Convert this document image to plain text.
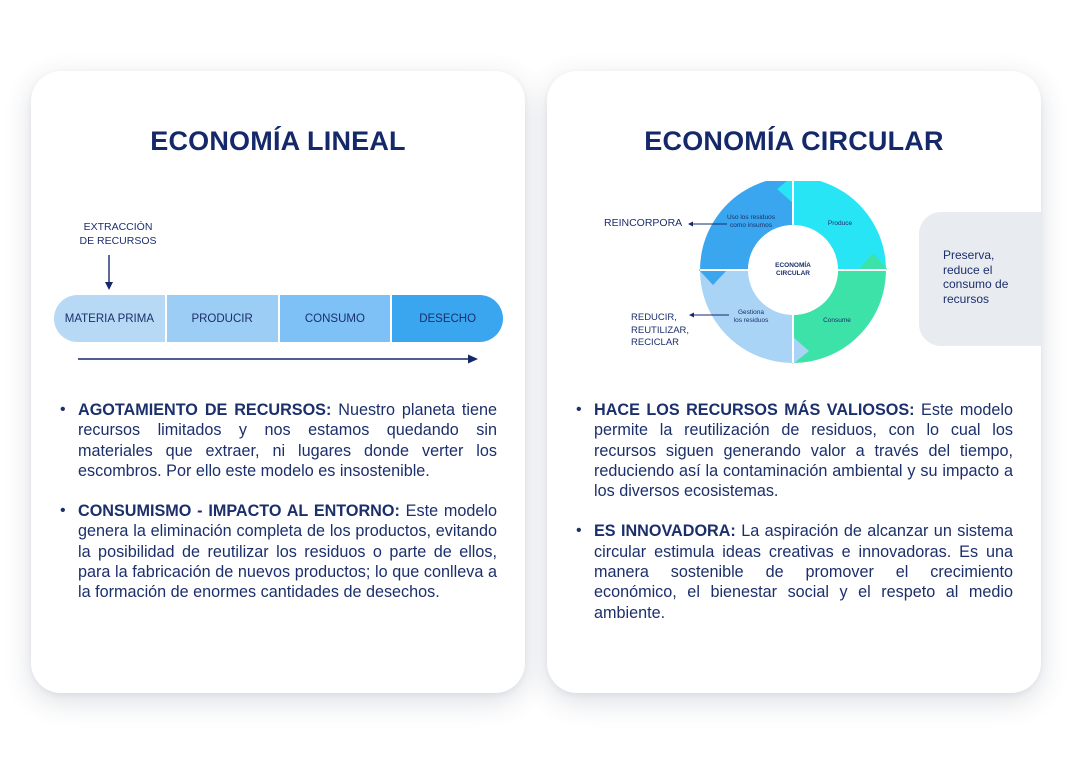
ECONOMÍA LINEAL
EXTRACCIÓN
DE RECURSOS
MATERIA PRIMA	PRODUCIR	CONSUMO	DESECHO
• AGOTAMIENTO DE RECURSOS: Nuestro planeta tiene recursos limitados y nos estamos quedando sin materiales que extraer, ni lugares donde verter los escombros. Por ello este modelo es insostenible.
• CONSUMISMO - IMPACTO AL ENTORNO: Este modelo genera la eliminación completa de los productos, evitando la posibilidad de reutilizar los residuos o parte de ellos, para la fabricación de nuevos productos; lo que conlleva a la formación de enormes cantidades de desechos.
ECONOMÍA CIRCULAR
Preserva, reduce el consumo de recursos
REINCORPORA
REDUCIR,
REUTILIZAR,
RECICLAR
ECONOMÍA
CIRCULAR
Uso los residuos
como insumos	Produce
Consume
Gestiona
los residuos
• HACE LOS RECURSOS MÁS VALIOSOS: Este modelo permite la reutilización de residuos, con lo cual los recursos siguen generando valor a través del tiempo, reduciendo así la contaminación ambiental y su impacto a los diversos ecosistemas.
• ES INNOVADORA: La aspiración de alcanzar un sistema circular estimula ideas creativas e innovadoras. Es una manera sostenible de promover el crecimiento económico, el bienestar social y el respeto al medio ambiente.
